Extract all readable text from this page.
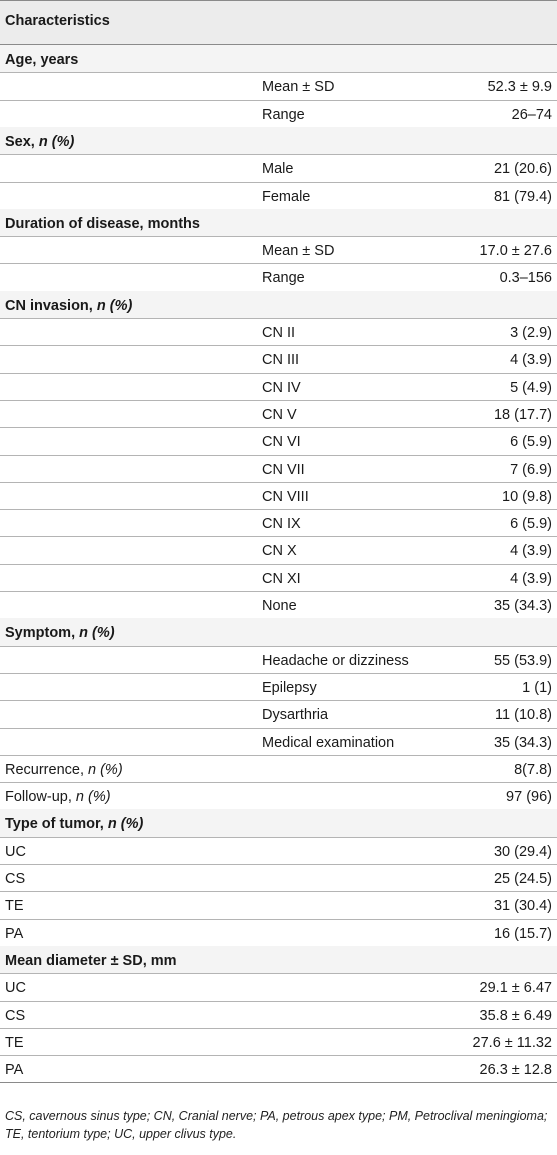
Characteristics
Age, years
Mean ± SD	52.3 ± 9.9
Range	26–74
Sex, n (%)
Male	21 (20.6)
Female	81 (79.4)
Duration of disease, months
Mean ± SD	17.0 ± 27.6
Range	0.3–156
CN invasion, n (%)
CN II	3 (2.9)
CN III	4 (3.9)
CN IV	5 (4.9)
CN V	18 (17.7)
CN VI	6 (5.9)
CN VII	7 (6.9)
CN VIII	10 (9.8)
CN IX	6 (5.9)
CN X	4 (3.9)
CN XI	4 (3.9)
None	35 (34.3)
Symptom, n (%)
Headache or dizziness	55 (53.9)
Epilepsy	1 (1)
Dysarthria	11 (10.8)
Medical examination	35 (34.3)
Recurrence, n (%)	8(7.8)
Follow-up, n (%)	97 (96)
Type of tumor, n (%)
UC	30 (29.4)
CS	25 (24.5)
TE	31 (30.4)
PA	16 (15.7)
Mean diameter ± SD, mm
UC	29.1 ± 6.47
CS	35.8 ± 6.49
TE	27.6 ± 11.32
PA	26.3 ± 12.8
CS, cavernous sinus type; CN, Cranial nerve; PA, petrous apex type; PM, Petroclival meningioma; TE, tentorium type; UC, upper clivus type.
